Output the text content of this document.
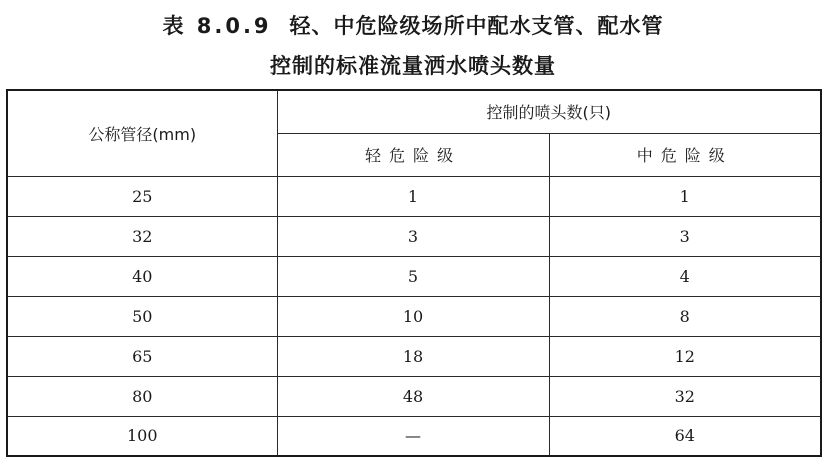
表 8.0.9 轻、中危险级场所中配水支管、配水管
控制的标准流量洒水喷头数量
公称管径(mm)	控制的喷头数(只)	
	轻危险级	中危险级
25	1	1
32	3	3
40	5	4
50	10	8
65	18	12
80	48	32
100	—	64
